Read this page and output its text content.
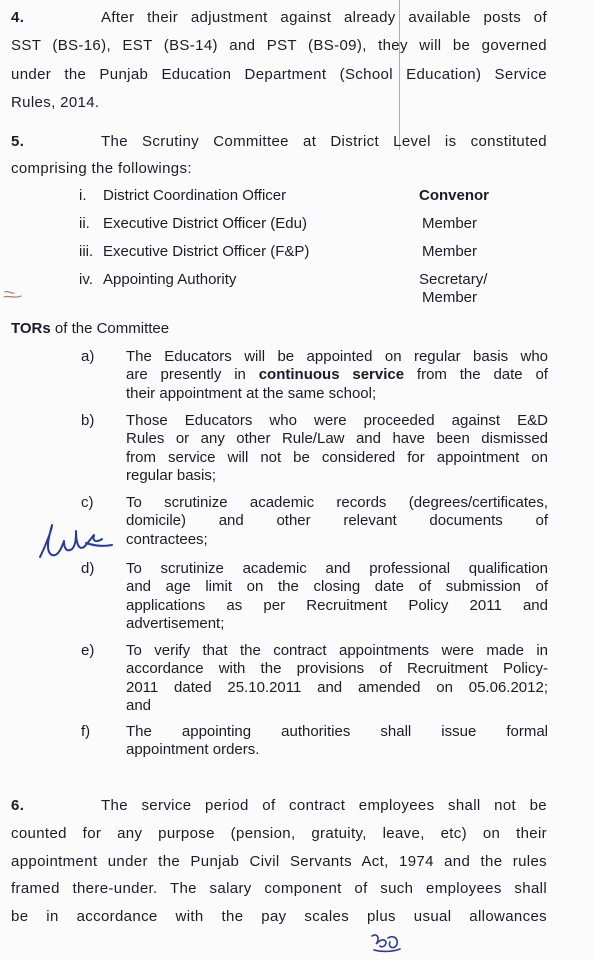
4.	After their adjustment against already available posts of
SST (BS-16), EST (BS-14) and PST (BS-09), they will be governed
under the Punjab Education Department (School Education) Service
Rules, 2014.
5.	The Scrutiny Committee at District Level is constituted
comprising the followings:
i. District Coordination Officer	Convenor
ii. Executive District Officer (Edu)	Member
iii. Executive District Officer (F&P)	Member
iv. Appointing Authority	Secretary/
Member
TORs of the Committee
a) The Educators will be appointed on regular basis who
are presently in continuous service from the date of
their appointment at the same school;
b) Those Educators who were proceeded against E&D
Rules or any other Rule/Law and have been dismissed
from service will not be considered for appointment on
regular basis;
c) To scrutinize academic records (degrees/certificates,
domicile) and other relevant documents of
contractees;
d) To scrutinize academic and professional qualification
and age limit on the closing date of submission of
applications as per Recruitment Policy 2011 and
advertisement;
e) To verify that the contract appointments were made in
accordance with the provisions of Recruitment Policy-
2011 dated 25.10.2011 and amended on 05.06.2012;
and
f) The appointing authorities shall issue formal
appointment orders.
6.	The service period of contract employees shall not be
counted for any purpose (pension, gratuity, leave, etc) on their
appointment under the Punjab Civil Servants Act, 1974 and the rules
framed there-under. The salary component of such employees shall
be in accordance with the pay scales plus usual allowances
